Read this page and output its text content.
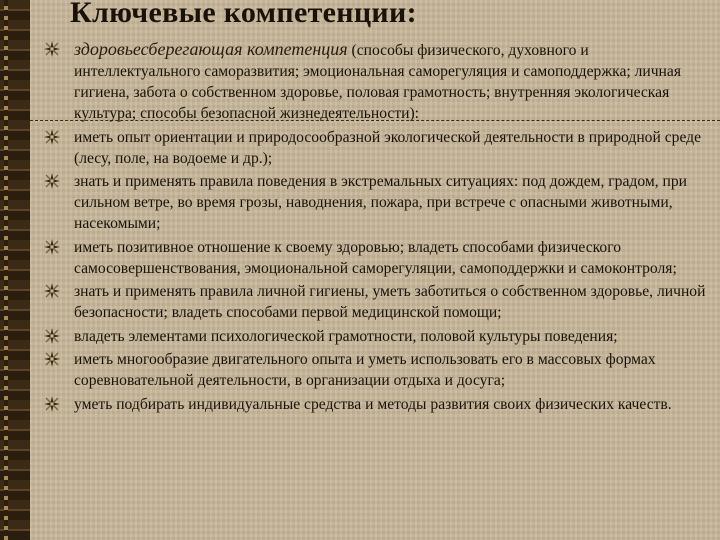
Ключевые компетенции:
здоровьесберегающая компетенция (способы физического, духовного и интеллектуального саморазвития; эмоциональная саморегуляция и самоподдержка; личная гигиена, забота о собственном здоровье, половая грамотность; внутренняя экологическая культура; способы безопасной жизнедеятельности):
иметь опыт ориентации и природосообразной экологической деятельности в природной среде (лесу, поле, на водоеме и др.);
знать и применять правила поведения в экстремальных ситуациях: под дождем, градом, при сильном ветре, во время грозы, наводнения, пожара, при встрече с опасными животными, насекомыми;
иметь позитивное отношение к своему здоровью; владеть способами физического самосовершенствования, эмоциональной саморегуляции, самоподдержки и самоконтроля;
знать и применять правила личной гигиены, уметь заботиться о собственном здоровье, личной безопасности; владеть способами первой медицинской помощи;
владеть элементами психологической грамотности, половой культуры поведения;
иметь многообразие двигательного опыта и уметь использовать его в массовых формах соревновательной деятельности, в организации отдыха и досуга;
уметь подбирать индивидуальные средства и методы развития своих физических качеств.
